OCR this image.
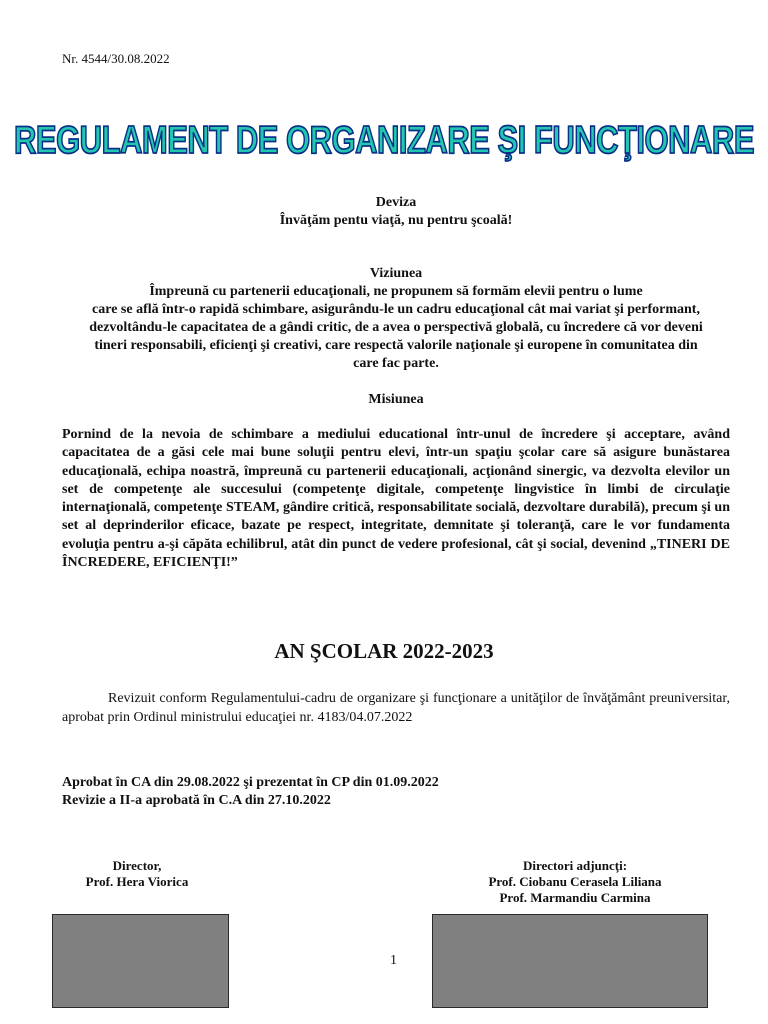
Nr. 4544/30.08.2022
REGULAMENT DE ORGANIZARE ŞI FUNCŢIONARE
Deviza
Învăţăm pentu viaţă, nu pentru şcoală!
Viziunea
Împreună cu partenerii educaţionali, ne propunem să formăm elevii pentru o lume
care se află într-o rapidă schimbare, asigurându-le un cadru educaţional cât mai variat şi performant,
dezvoltându-le capacitatea de a gândi critic, de a avea o perspectivă globală, cu încredere că vor deveni
tineri responsabili, eficienţi şi creativi, care respectă valorile naţionale şi europene în comunitatea din
care fac parte.
Misiunea
Pornind de la nevoia de schimbare a mediului educational într-unul de încredere şi acceptare, având capacitatea de a găsi cele mai bune soluţii pentru elevi, într-un spaţiu şcolar care să asigure bunăstarea educaţională, echipa noastră, împreună cu partenerii educaţionali, acţionând sinergic, va dezvolta elevilor un set de competenţe ale succesului (competenţe digitale, competenţe lingvistice în limbi de circulaţie internaţională, competenţe STEAM, gândire critică, responsabilitate socială, dezvoltare durabilă), precum şi un set al deprinderilor eficace, bazate pe respect, integritate, demnitate şi toleranţă, care le vor fundamenta evoluţia pentru a-şi căpăta echilibrul, atât din punct de vedere profesional, cât şi social, devenind „TINERI DE ÎNCREDERE, EFICIENŢI!”
AN ŞCOLAR 2022-2023
Revizuit conform Regulamentului-cadru de organizare şi funcţionare a unităţilor de învăţământ preuniversitar, aprobat prin Ordinul ministrului educaţiei nr. 4183/04.07.2022
Aprobat în CA din 29.08.2022 şi prezentat în CP din 01.09.2022
Revizie a II-a aprobată în C.A din 27.10.2022
Director,
Prof. Hera Viorica
Directori adjuncţi:
Prof. Ciobanu Cerasela Liliana
Prof. Marmandiu Carmina
1
